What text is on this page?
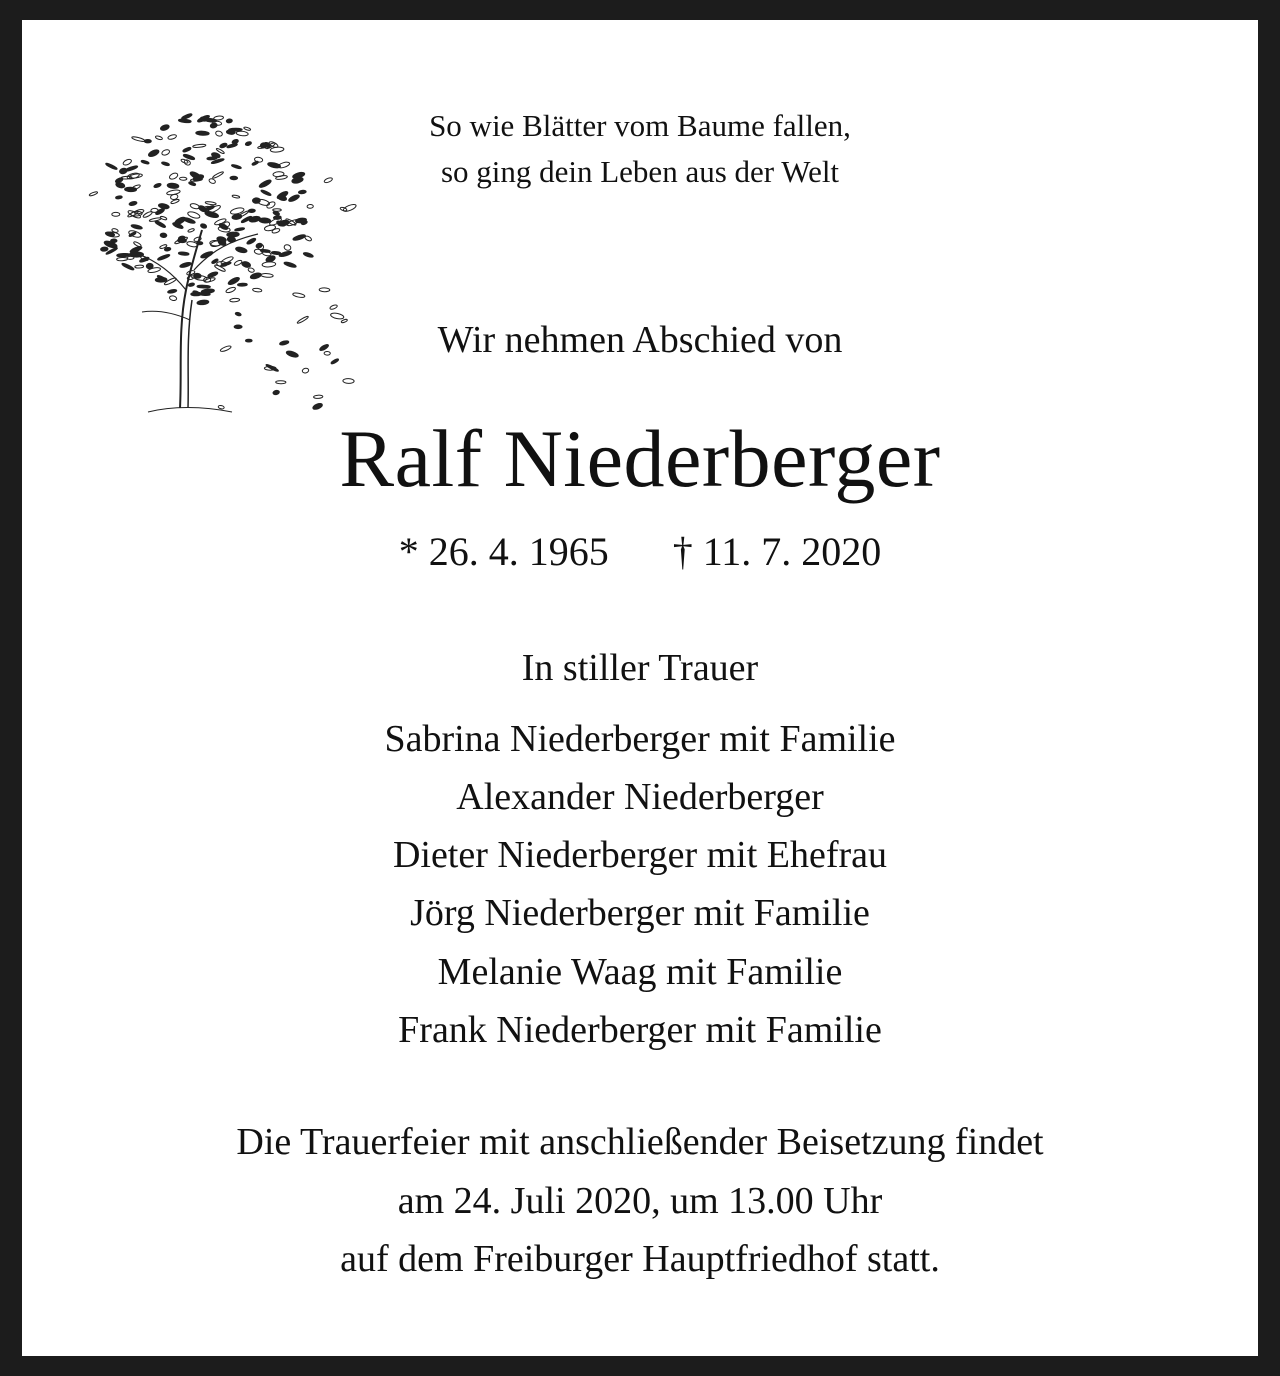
So wie Blätter vom Baume fallen,
so ging dein Leben aus der Welt
Wir nehmen Abschied von
Ralf Niederberger
* 26. 4. 1965 † 11. 7. 2020
In stiller Trauer
Sabrina Niederberger mit Familie
Alexander Niederberger
Dieter Niederberger mit Ehefrau
Jörg Niederberger mit Familie
Melanie Waag mit Familie
Frank Niederberger mit Familie
Die Trauerfeier mit anschließender Beisetzung findet
am 24. Juli 2020, um 13.00 Uhr
auf dem Freiburger Hauptfriedhof statt.
